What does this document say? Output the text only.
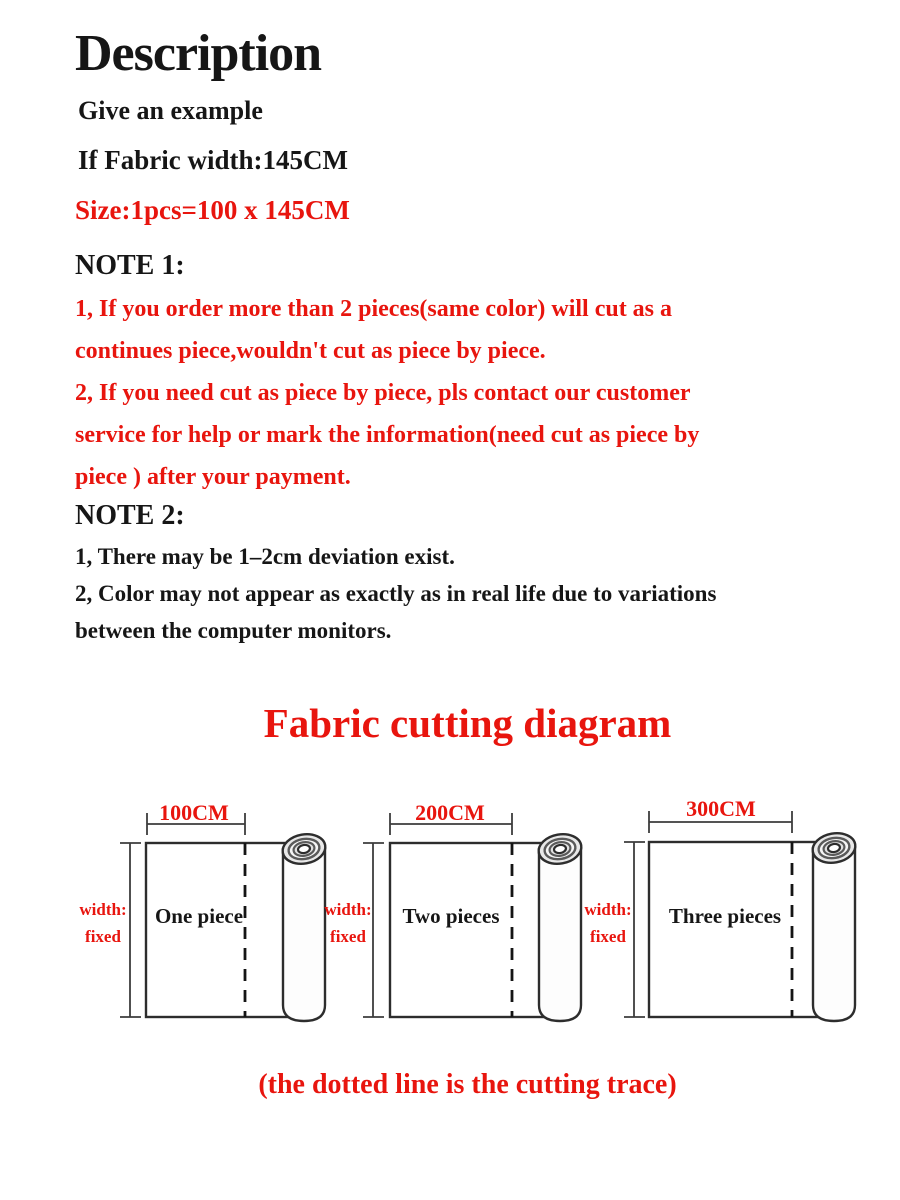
Description

Give an example

If Fabric width:145CM

Size:1pcs=100 x 145CM

NOTE 1:
1, If you order more than 2 pieces(same color) will cut as a
continues piece,wouldn't cut as piece by piece.
2, If you need cut as piece by piece, pls contact our customer
service for help or mark the information(need cut as piece by
piece ) after your payment.
NOTE 2:
1, There may be 1–2cm deviation exist.
2, Color may not appear as exactly as in real life due to variations
between the computer monitors.
Fabric cutting diagram
100CM
width:
fixed
One piece
200CM
width:
fixed
Two pieces
300CM
width:
fixed
Three pieces
(the dotted line is the cutting trace)
